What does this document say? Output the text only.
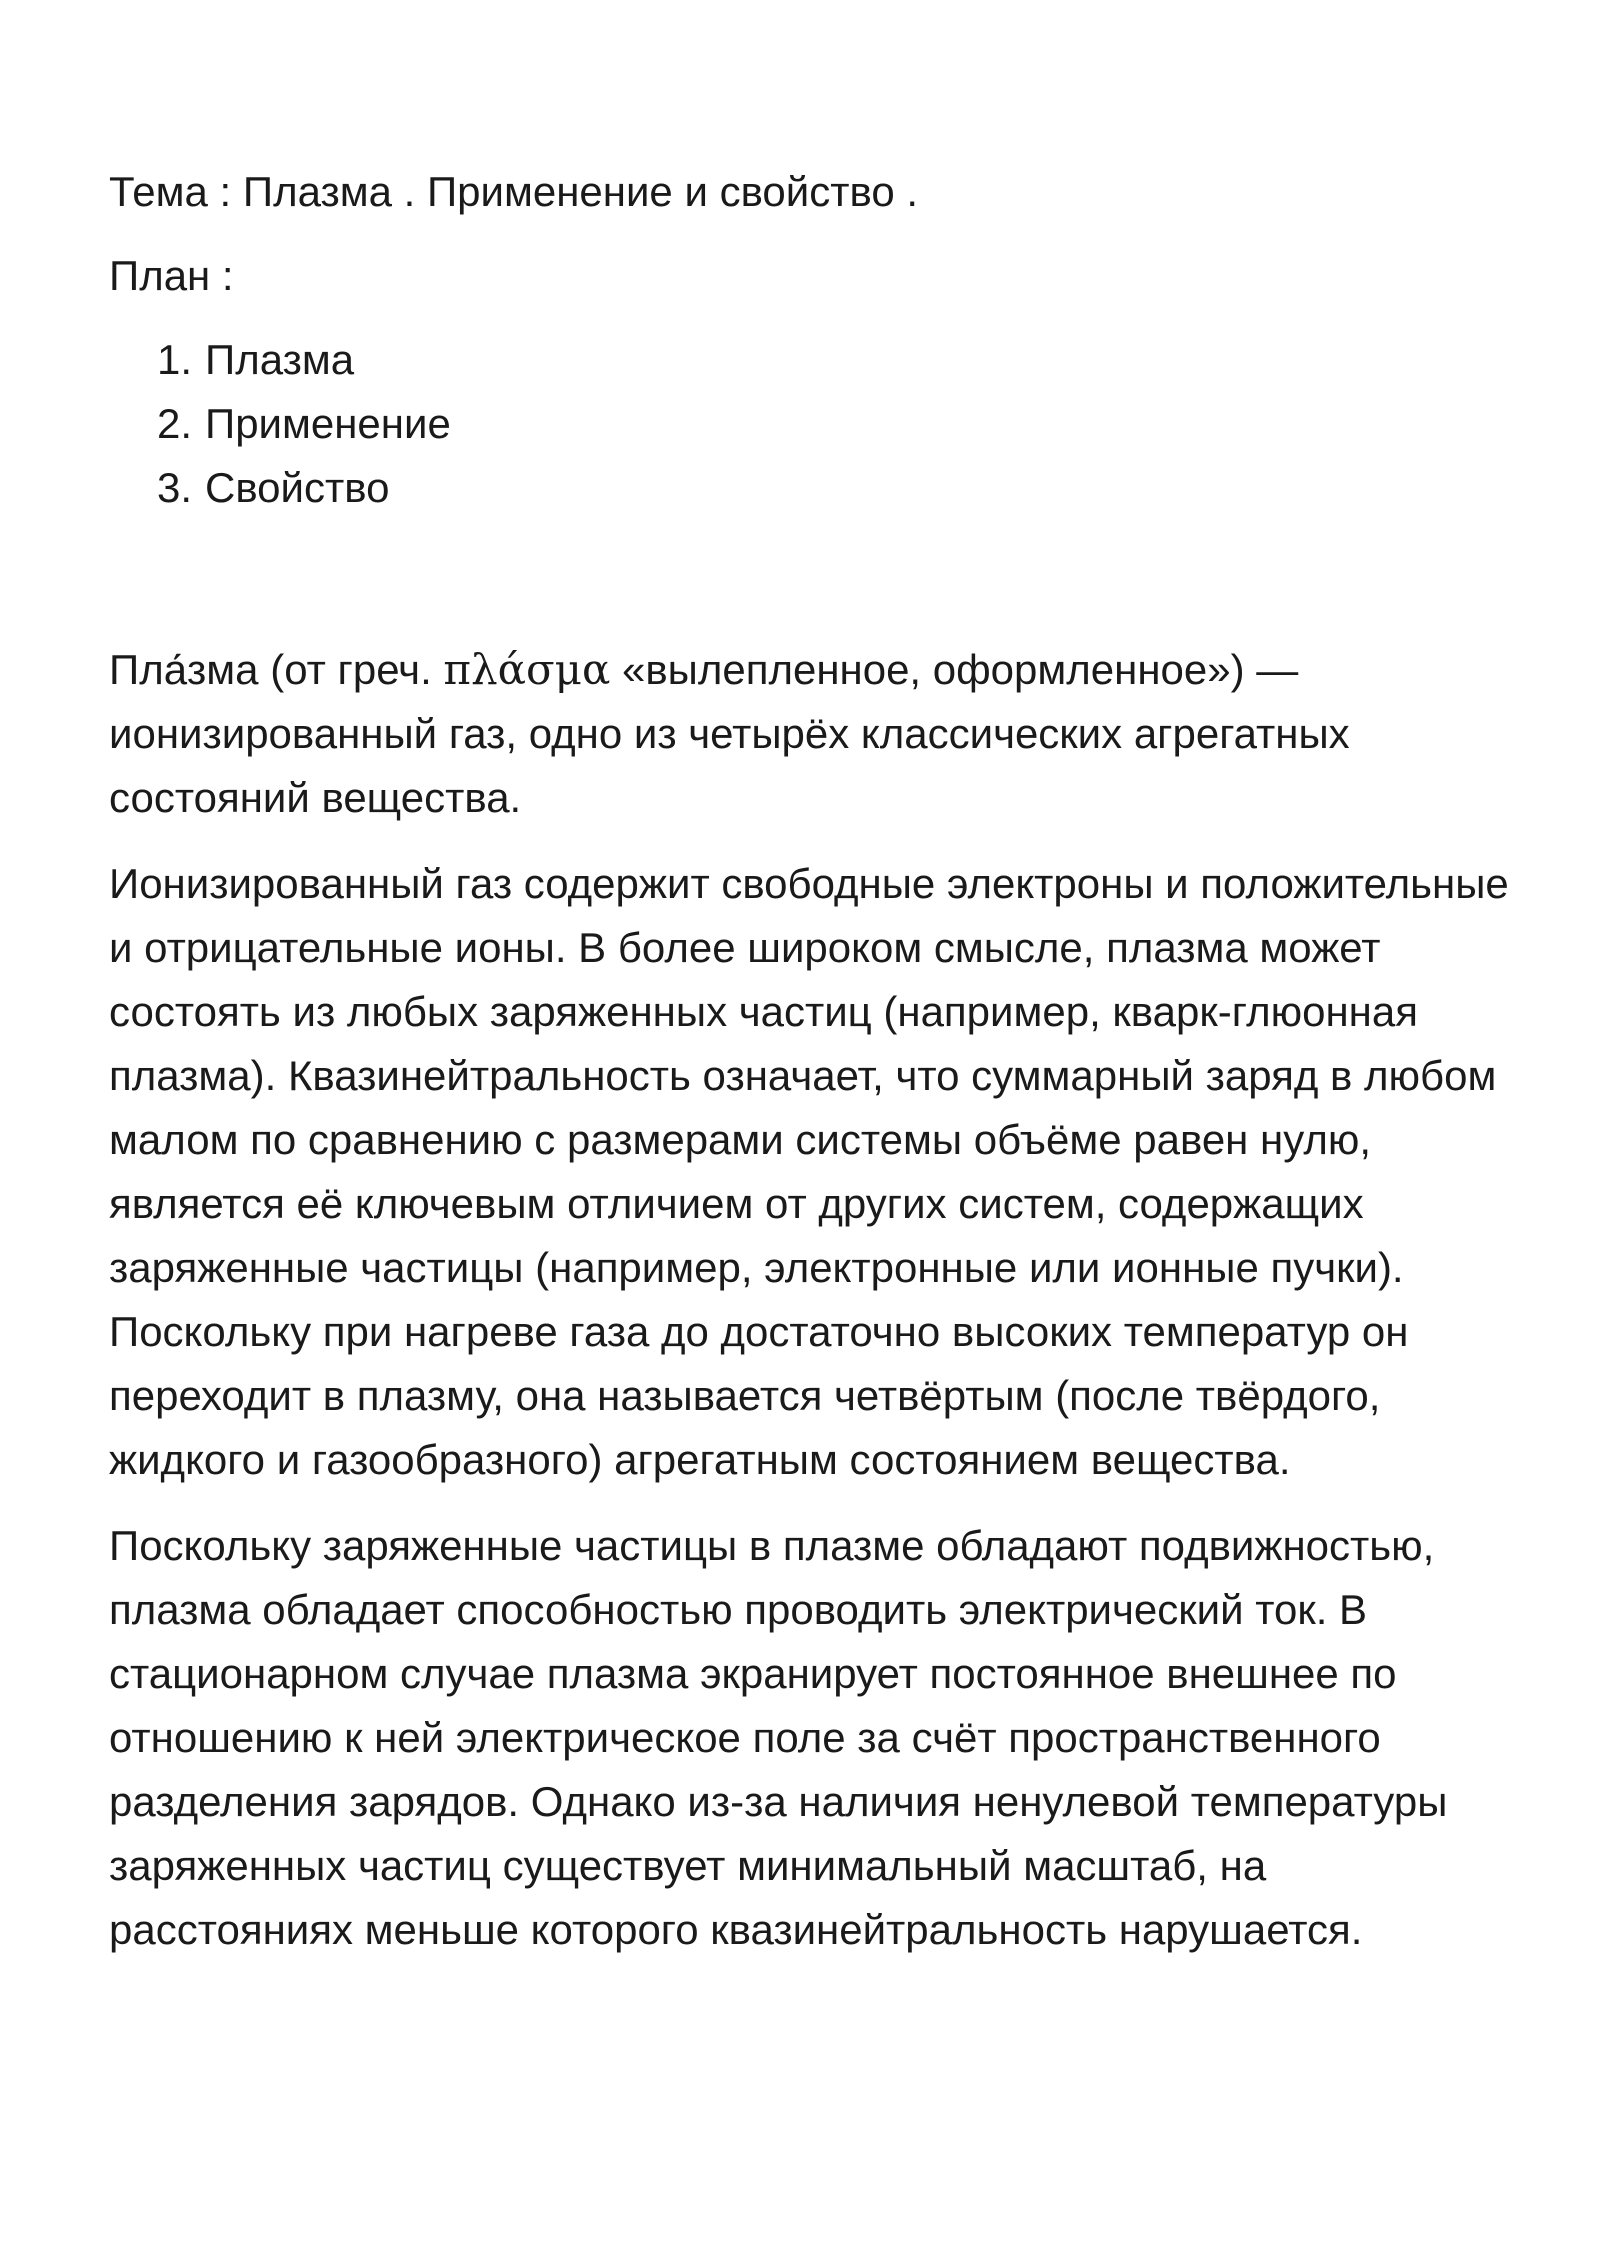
Тема : Плазма . Применение и свойство .

План :

1. Плазма
2. Применение
3. Свойство

Пла́зма (от греч. πλάσμα «вылепленное, оформленное») — ионизированный газ, одно из четырёх классических агрегатных состояний вещества.

Ионизированный газ содержит свободные электроны и положительные и отрицательные ионы. В более широком смысле, плазма может состоять из любых заряженных частиц (например, кварк-глюонная плазма). Квазинейтральность означает, что суммарный заряд в любом малом по сравнению с размерами системы объёме равен нулю, является её ключевым отличием от других систем, содержащих заряженные частицы (например, электронные или ионные пучки). Поскольку при нагреве газа до достаточно высоких температур он переходит в плазму, она называется четвёртым (после твёрдого, жидкого и газообразного) агрегатным состоянием вещества.

Поскольку заряженные частицы в плазме обладают подвижностью, плазма обладает способностью проводить электрический ток. В стационарном случае плазма экранирует постоянное внешнее по отношению к ней электрическое поле за счёт пространственного разделения зарядов. Однако из-за наличия ненулевой температуры заряженных частиц существует минимальный масштаб, на расстояниях меньше которого квазинейтральность нарушается.
